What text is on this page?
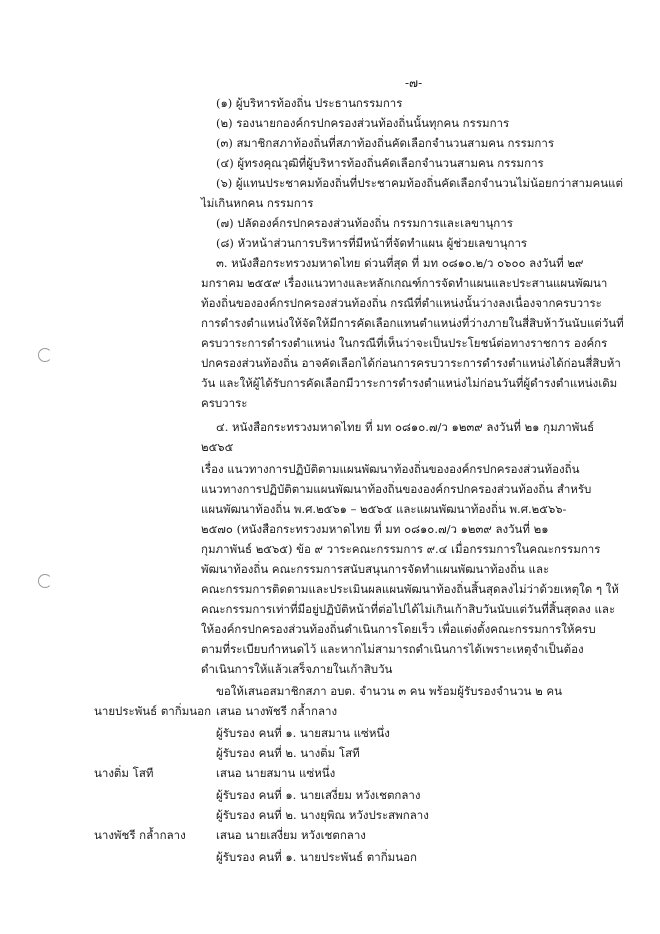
-๗-
(๑) ผู้บริหารท้องถิ่น ประธานกรรมการ
(๒) รองนายกองค์กรปกครองส่วนท้องถิ่นนั้นทุกคน กรรมการ
(๓) สมาชิกสภาท้องถิ่นที่สภาท้องถิ่นคัดเลือกจำนวนสามคน กรรมการ
(๔) ผู้ทรงคุณวุฒิที่ผู้บริหารท้องถิ่นคัดเลือกจำนวนสามคน กรรมการ
(๖) ผู้แทนประชาคมท้องถิ่นที่ประชาคมท้องถิ่นคัดเลือกจำนวนไม่น้อยกว่าสามคนแต่
ไม่เกินหกคน กรรมการ
(๗) ปลัดองค์กรปกครองส่วนท้องถิ่น กรรมการและเลขานุการ
(๘) หัวหน้าส่วนการบริหารที่มีหน้าที่จัดทำแผน ผู้ช่วยเลขานุการ
๓. หนังสือกระทรวงมหาดไทย ด่วนที่สุด ที่ มท ๐๘๑๐.๒/ว ๐๖๐๐ ลงวันที่ ๒๙
มกราคม ๒๕๕๙ เรื่องแนวทางและหลักเกณฑ์การจัดทำแผนและประสานแผนพัฒนา
ท้องถิ่นขององค์กรปกครองส่วนท้องถิ่น กรณีที่ตำแหน่งนั้นว่างลงเนื่องจากครบวาระ
การดำรงตำแหน่งให้จัดให้มีการคัดเลือกแทนตำแหน่งที่ว่างภายในสี่สิบห้าวันนับแต่วันที่
ครบวาระการดำรงตำแหน่ง ในกรณีที่เห็นว่าจะเป็นประโยชน์ต่อทางราชการ องค์กร
ปกครองส่วนท้องถิ่น อาจคัดเลือกได้ก่อนการครบวาระการดำรงตำแหน่งได้ก่อนสี่สิบห้า
วัน และให้ผู้ได้รับการคัดเลือกมีวาระการดำรงตำแหน่งไม่ก่อนวันที่ผู้ดำรงตำแหน่งเดิม
ครบวาระ
๔. หนังสือกระทรวงมหาดไทย ที่ มท ๐๘๑๐.๗/ว ๑๒๓๙ ลงวันที่ ๒๑ กุมภาพันธ์
๒๕๖๕
เรื่อง แนวทางการปฏิบัติตามแผนพัฒนาท้องถิ่นขององค์กรปกครองส่วนท้องถิ่น
แนวทางการปฏิบัติตามแผนพัฒนาท้องถิ่นขององค์กรปกครองส่วนท้องถิ่น สำหรับ
แผนพัฒนาท้องถิ่น พ.ศ.๒๕๖๑ – ๒๕๖๕ และแผนพัฒนาท้องถิ่น พ.ศ.๒๕๖๖-
๒๕๗๐ (หนังสือกระทรวงมหาดไทย ที่ มท ๐๘๑๐.๗/ว ๑๒๓๙ ลงวันที่ ๒๑
กุมภาพันธ์ ๒๕๖๕) ข้อ ๙ วาระคณะกรรมการ ๙.๔ เมื่อกรรมการในคณะกรรมการ
พัฒนาท้องถิ่น คณะกรรมการสนับสนุนการจัดทำแผนพัฒนาท้องถิ่น และ
คณะกรรมการติดตามและประเมินผลแผนพัฒนาท้องถิ่นสิ้นสุดลงไม่ว่าด้วยเหตุใด ๆ ให้
คณะกรรมการเท่าที่มีอยู่ปฏิบัติหน้าที่ต่อไปได้ไม่เกินเก้าสิบวันนับแต่วันที่สิ้นสุดลง และ
ให้องค์กรปกครองส่วนท้องถิ่นดำเนินการโดยเร็ว เพื่อแต่งตั้งคณะกรรมการให้ครบ
ตามที่ระเบียบกำหนดไว้ และหากไม่สามารถดำเนินการได้เพราะเหตุจำเป็นต้อง
ดำเนินการให้แล้วเสร็จภายในเก้าสิบวัน
ขอให้เสนอสมาชิกสภา อบต. จำนวน ๓ คน พร้อมผู้รับรองจำนวน ๒ คน
นายประพันธ์ ตากิ่มนอก เสนอ นางพัชรี กล้ำกลาง
ผู้รับรอง คนที่ ๑. นายสมาน แซ่หนึ่ง
ผู้รับรอง คนที่ ๒. นางติ่ม โสที
นางติ่ม โสที	เสนอ นายสมาน แซ่หนึ่ง
ผู้รับรอง คนที่ ๑. นายเสงี่ยม หวังเชตกลาง
ผู้รับรอง คนที่ ๒. นางยุพิณ หวังประสพกลาง
นางพัชรี กล้ำกลาง	เสนอ นายเสงี่ยม หวังเชตกลาง
ผู้รับรอง คนที่ ๑. นายประพันธ์ ตากิ่มนอก
